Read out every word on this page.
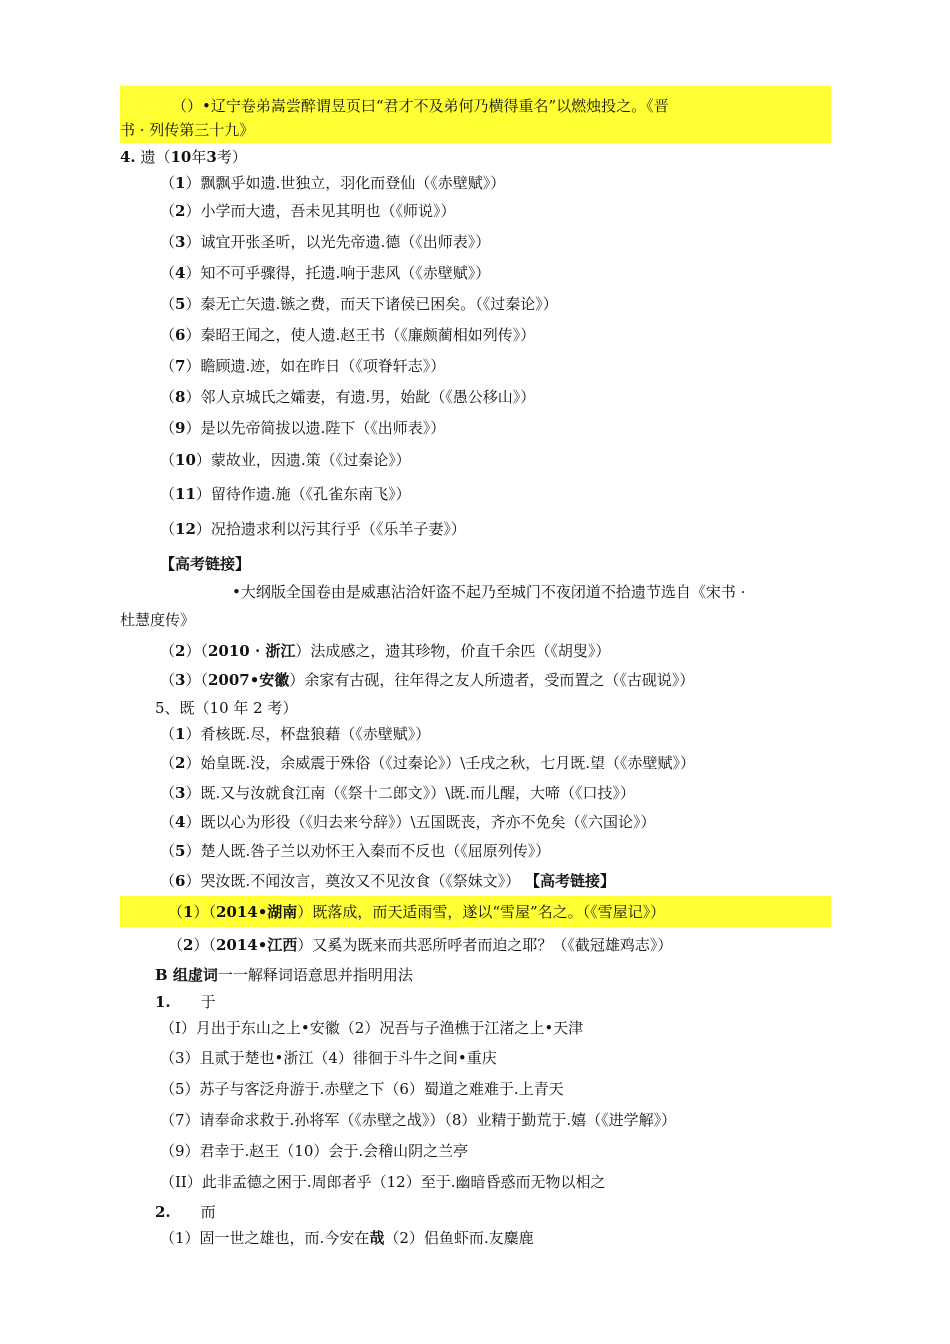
（）•辽宁卷弟嵩尝醉谓昱页曰“君才不及弟何乃横得重名”以燃烛投之。《晋
书 · 列传第三十九》
4. 遗（10年3考）
（1）飘飘乎如遗.世独立，羽化而登仙（《赤壁赋》）
（2）小学而大遗，吾未见其明也（《师说》）
（3）诚宜开张圣听，以光先帝遗.德（《出师表》）
（4）知不可乎骤得，托遗.响于悲风（《赤壁赋》）
（5）秦无亡矢遗.镞之费，而天下诸侯已困矣。（《过秦论》）
（6）秦昭王闻之，使人遗.赵王书（《廉颇蔺相如列传》）
（7）瞻顾遗.迹，如在昨日（《项脊轩志》）
（8）邻人京城氏之孀妻，有遗.男，始龀（《愚公移山》）
（9）是以先帝简拔以遗.陛下（《出师表》）
（10）蒙故业，因遗.策（《过秦论》）
（11）留待作遗.施（《孔雀东南飞》）
（12）况拾遗求利以污其行乎（《乐羊子妻》）
【高考链接】
•大纲版全国卷由是威惠沾洽奸盗不起乃至城门不夜闭道不拾遗节选自《宋书 ·
杜慧度传》
（2）（2010 · 浙江）法成感之，遗其珍物，价直千余匹（《胡叟》）
（3）（2007•安徽）余家有古砚，往年得之友人所遗者，受而置之（《古砚说》）
5、既（10 年 2 考）
（1）肴核既.尽，杯盘狼藉（《赤壁赋》）
（2）始皇既.没，余威震于殊俗（《过秦论》）\壬戌之秋，七月既.望（《赤壁赋》）
（3）既.又与汝就食江南（《祭十二郎文》）\既.而儿醒，大啼（《口技》）
（4）既以心为形役（《归去来兮辞》）\五国既丧，齐亦不免矣（《六国论》）
（5）楚人既.咎子兰以劝怀王入秦而不反也（《屈原列传》）
（6）哭汝既.不闻汝言，奠汝又不见汝食（《祭妹文》） 【高考链接】
（1）（2014•湖南）既落成，而天适雨雪，遂以“雪屋”名之。（《雪屋记》）
（2）（2014•江西）又奚为既来而共恶所呼者而迫之耶？（《截冠雄鸡志》）
B 组虚词一一解释词语意思并指明用法
1. 于
（I）月出于东山之上•安徽（2）况吾与子渔樵于江渚之上•天津
（3）且贰于楚也•浙江（4）徘徊于斗牛之间•重庆
（5）苏子与客泛舟游于.赤壁之下（6）蜀道之难难于.上青天
（7）请奉命求救于.孙将军（《赤壁之战》）（8）业精于勤荒于.嬉（《进学解》）
（9）君幸于.赵王（10）会于.会稽山阴之兰亭
（II）此非孟德之困于.周郎者乎（12）至于.幽暗昏惑而无物以相之
2. 而
（1）固一世之雄也，而.今安在哉（2）侣鱼虾而.友麋鹿
